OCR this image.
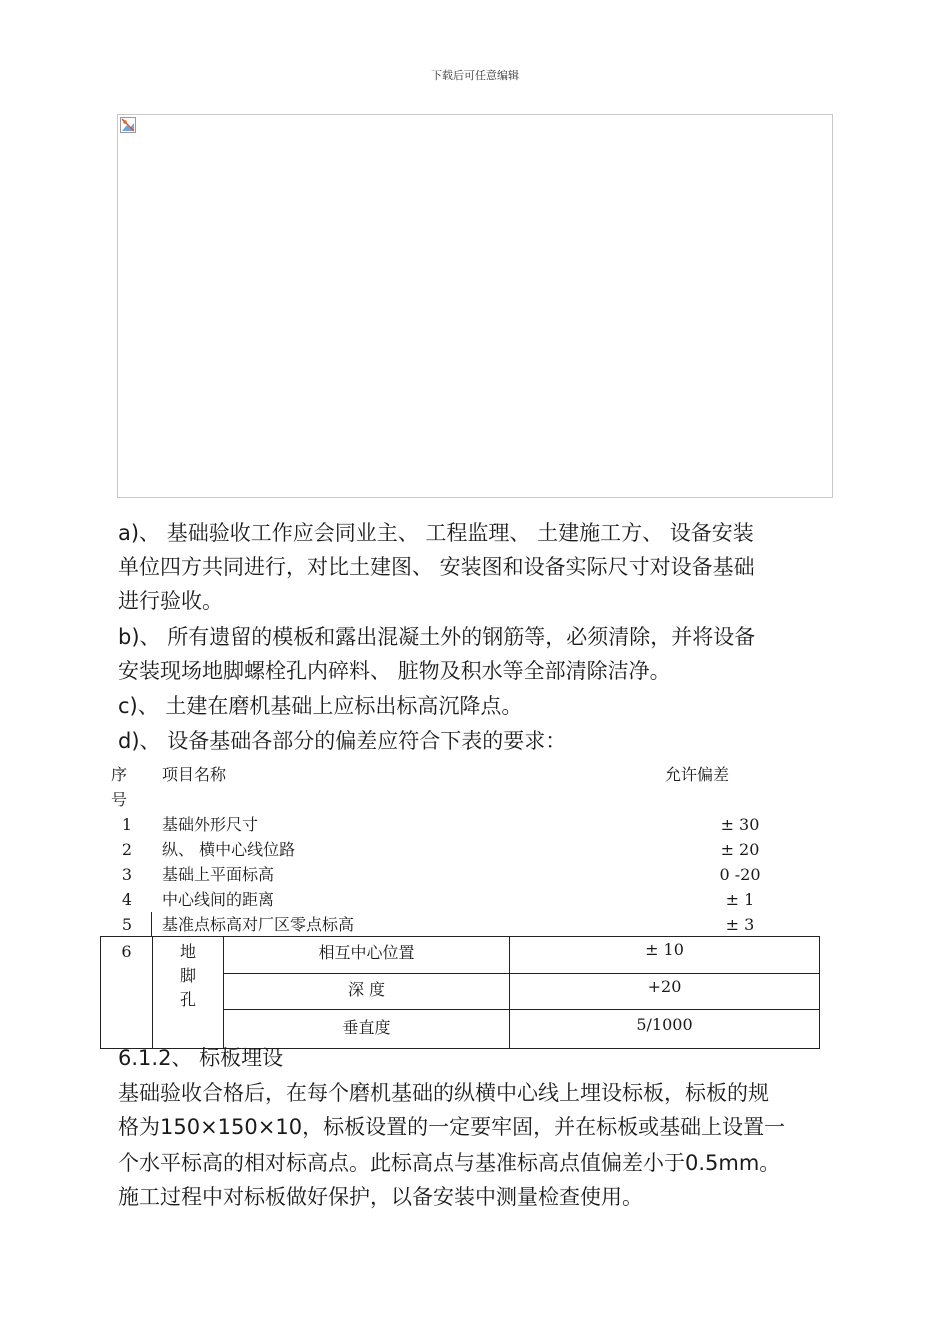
下载后可任意编辑
a)、 基础验收工作应会同业主、 工程监理、 土建施工方、 设备安装
单位四方共同进行，对比土建图、 安装图和设备实际尺寸对设备基础
进行验收。
b)、 所有遗留的模板和露出混凝土外的钢筋等，必须清除，并将设备
安装现场地脚螺栓孔内碎料、 脏物及积水等全部清除洁净。
c)、 土建在磨机基础上应标出标高沉降点。
d)、 设备基础各部分的偏差应符合下表的要求：
序
号
项目名称	允许偏差
1 基础外形尺寸	± 30
2 纵、 横中心线位路	± 20
3 基础上平面标高	0 -20
4 中心线间的距离	± 1
5 基准点标高对厂区零点标高	± 3
6	地
脚
孔	相互中心位置	± 10
		深 度	+20
		垂直度	5/1000
6.1.2、 标板埋设
基础验收合格后，在每个磨机基础的纵横中心线上埋设标板，标板的规
格为150×150×10，标板设置的一定要牢固，并在标板或基础上设置一
个水平标高的相对标高点。此标高点与基准标高点值偏差小于0.5mm。
施工过程中对标板做好保护，以备安装中测量检查使用。
